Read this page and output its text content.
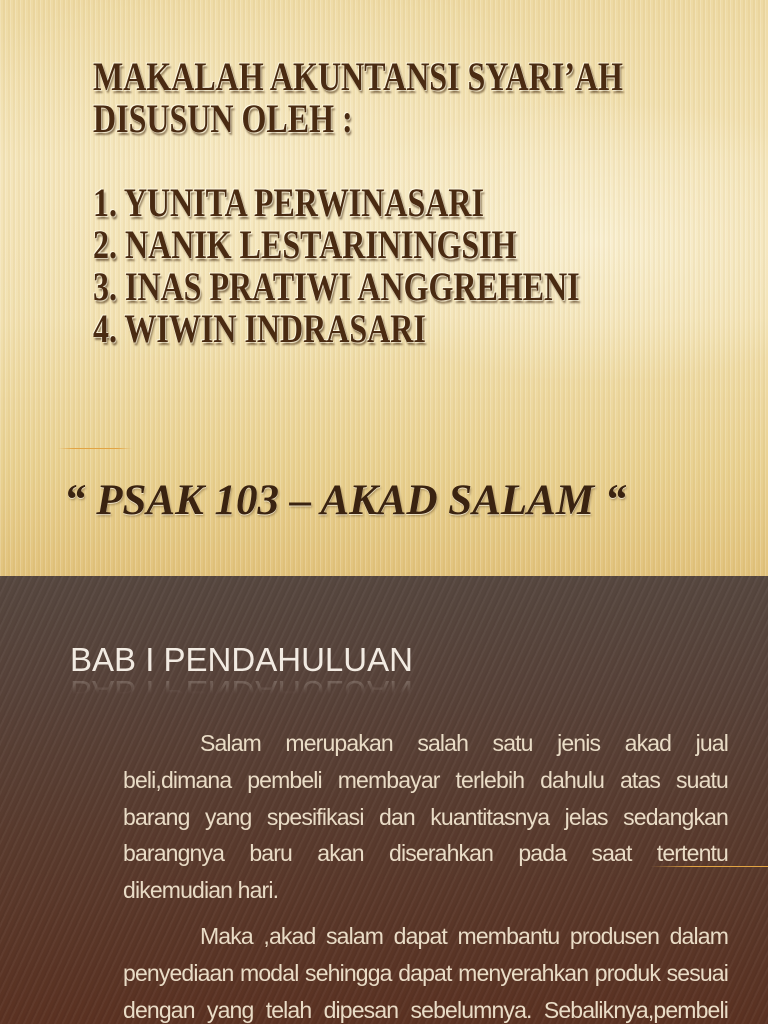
MAKALAH AKUNTANSI SYARI’AH
DISUSUN OLEH :
1. YUNITA PERWINASARI
2. NANIK LESTARININGSIH
3. INAS PRATIWI ANGGREHENI
4. WIWIN INDRASARI
“ PSAK 103 – AKAD SALAM “
BAB I PENDAHULUAN
Salam merupakan salah satu jenis akad jual
beli,dimana pembeli membayar terlebih dahulu atas suatu
barang yang spesifikasi dan kuantitasnya jelas sedangkan
barangnya baru akan diserahkan pada saat tertentu
dikemudian hari.
Maka ,akad salam dapat membantu produsen dalam
penyediaan modal sehingga dapat menyerahkan produk sesuai
dengan yang telah dipesan sebelumnya. Sebaliknya,pembeli
